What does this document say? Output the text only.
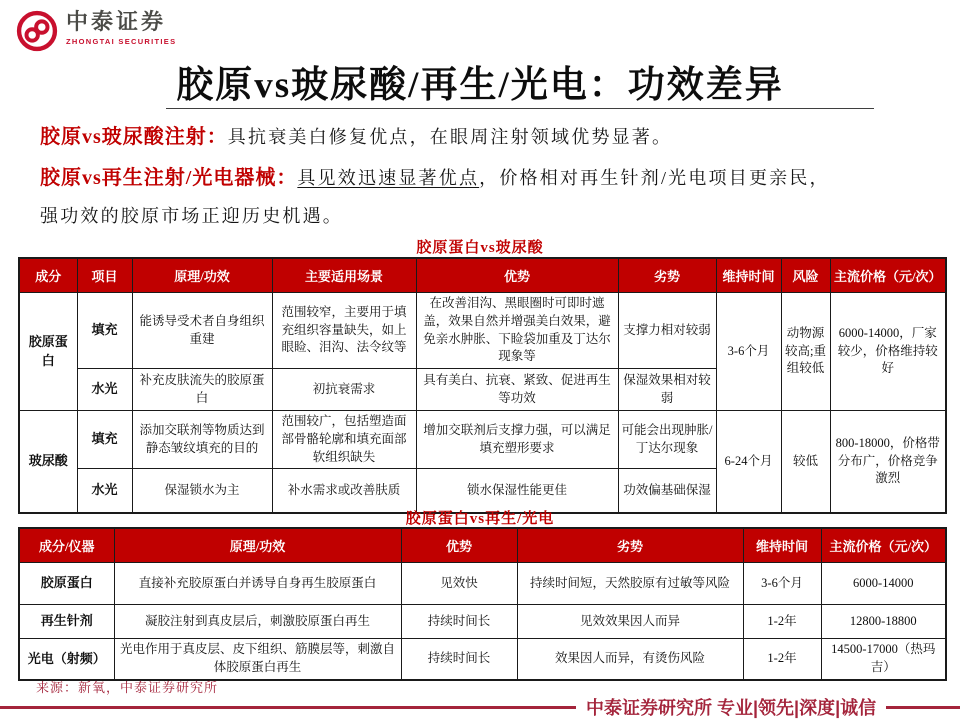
中泰证券
ZHONGTAI SECURITIES
胶原vs玻尿酸/再生/光电：功效差异

胶原vs玻尿酸注射：具抗衰美白修复优点，在眼周注射领域优势显著。

胶原vs再生注射/光电器械：具见效迅速显著优点，价格相对再生针剂/光电项目更亲民，
强功效的胶原市场正迎历史机遇。

胶原蛋白vs玻尿酸
成分	项目	原理/功效	主要适用场景	优势	劣势	维持时间	风险	主流价格（元/次）
胶原蛋白	填充	能诱导受术者自身组织重建	范围较窄，主要用于填充组织容量缺失，如上眼睑、泪沟、法令纹等	在改善泪沟、黑眼圈时可即时遮盖，效果自然并增强美白效果，避免亲水肿胀、下睑袋加重及丁达尔现象等	支撑力相对较弱	3-6个月	动物源较高;重组较低	6000-14000，厂家较少，价格维持较好
	水光	补充皮肤流失的胶原蛋白	初抗衰需求	具有美白、抗衰、紧致、促进再生等功效	保湿效果相对较弱			
玻尿酸	填充	添加交联剂等物质达到静态皱纹填充的目的	范围较广，包括塑造面部骨骼轮廓和填充面部软组织缺失	增加交联剂后支撑力强，可以满足填充塑形要求	可能会出现肿胀/丁达尔现象	6-24个月	较低	800-18000，价格带分布广，价格竞争激烈
	水光	保湿锁水为主	补水需求或改善肤质	锁水保湿性能更佳	功效偏基础保湿			
胶原蛋白vs再生/光电
成分/仪器	原理/功效	优势	劣势	维持时间	主流价格（元/次）
胶原蛋白	直接补充胶原蛋白并诱导自身再生胶原蛋白	见效快	持续时间短，天然胶原有过敏等风险	3-6个月	6000-14000
再生针剂	凝胶注射到真皮层后，刺激胶原蛋白再生	持续时间长	见效效果因人而异	1-2年	12800-18800
光电（射频）	光电作用于真皮层、皮下组织、筋膜层等，刺激自体胶原蛋白再生	持续时间长	效果因人而异，有烫伤风险	1-2年	14500-17000（热玛吉）
来源：新氧，中泰证券研究所
中泰证券研究所 专业|领先|深度|诚信
